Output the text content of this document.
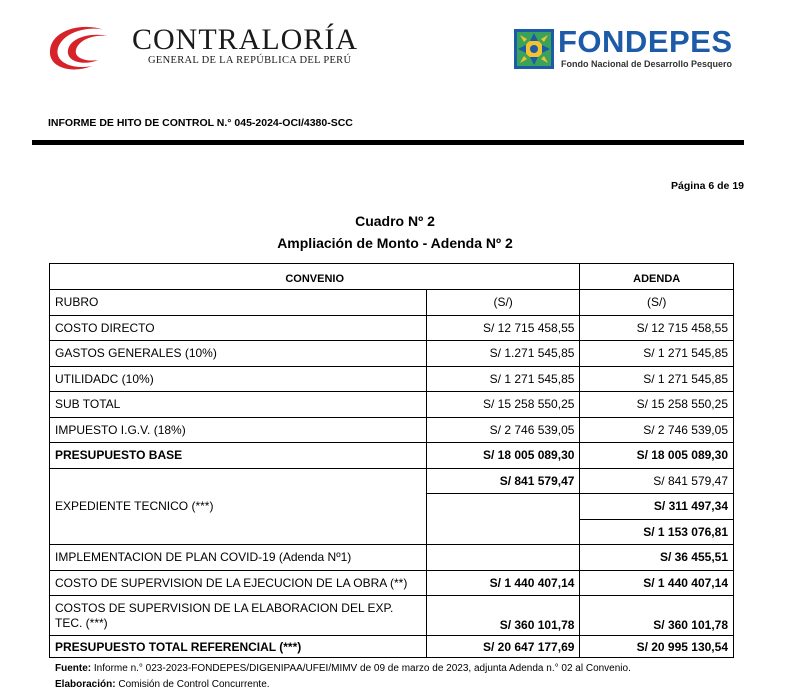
CONTRALORÍA
GENERAL DE LA REPÚBLICA DEL PERÚ
FONDEPES
Fondo Nacional de Desarrollo Pesquero
INFORME DE HITO DE CONTROL N.° 045-2024-OCI/4380-SCC
Página 6 de 19
Cuadro Nº 2
Ampliación de Monto - Adenda Nº 2
CONVENIO		ADENDA
RUBRO	(S/)	(S/)
COSTO DIRECTO	S/ 12 715 458,55	S/ 12 715 458,55
GASTOS GENERALES (10%)	S/ 1.271 545,85	S/ 1 271 545,85
UTILIDADC (10%)	S/ 1 271 545,85	S/ 1 271 545,85
SUB TOTAL	S/ 15 258 550,25	S/ 15 258 550,25
IMPUESTO I.G.V. (18%)	S/ 2 746 539,05	S/ 2 746 539,05
PRESUPUESTO BASE	S/ 18 005 089,30	S/ 18 005 089,30
EXPEDIENTE TECNICO (***)	S/ 841 579,47	S/ 841 579,47
		S/ 311 497,34
		S/ 1 153 076,81
IMPLEMENTACION DE PLAN COVID-19 (Adenda Nº1)		S/ 36 455,51
COSTO DE SUPERVISION DE LA EJECUCION DE LA OBRA (**)	S/ 1 440 407,14	S/ 1 440 407,14
COSTOS DE SUPERVISION DE LA ELABORACION DEL EXP. TEC. (***)	S/ 360 101,78	S/ 360 101,78
PRESUPUESTO TOTAL REFERENCIAL (***)	S/ 20 647 177,69	S/ 20 995 130,54
Fuente: Informe n.° 023-2023-FONDEPES/DIGENIPAA/UFEI/MIMV de 09 de marzo de 2023, adjunta Adenda n.° 02 al Convenio.
Elaboración: Comisión de Control Concurrente.
